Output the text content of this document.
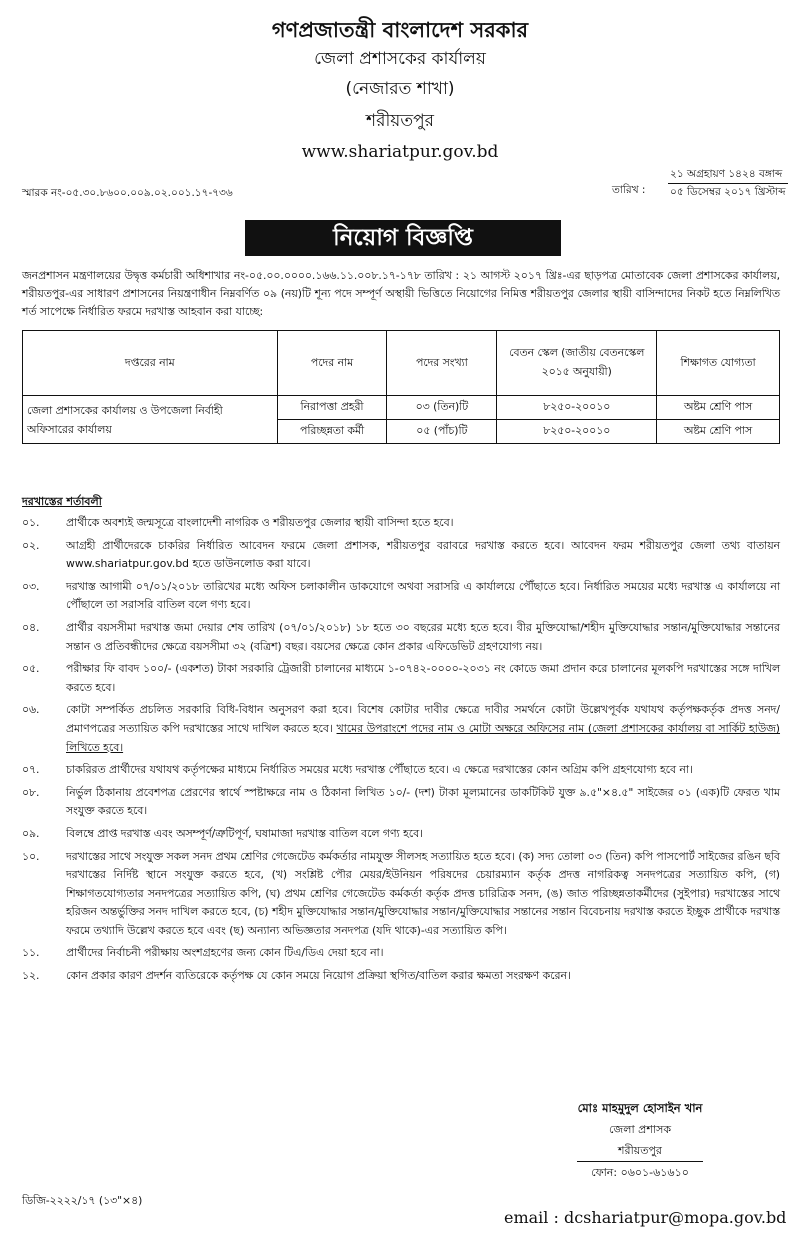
গণপ্রজাতন্ত্রী বাংলাদেশ সরকার
জেলা প্রশাসকের কার্যালয়
(নেজারত শাখা)
শরীয়তপুর
www.shariatpur.gov.bd
স্মারক নং-০৫.৩০.৮৬০০.০০৯.০২.০০১.১৭-৭৩৬	তারিখ :
২১ অগ্রহায়ণ ১৪২৪ বঙ্গাব্দ
০৫ ডিসেম্বর ২০১৭ খ্রিস্টাব্দ
নিয়োগ বিজ্ঞপ্তি
জনপ্রশাসন মন্ত্রণালয়ের উদ্বৃত্ত কর্মচারী অধিশাখার নং-০৫.০০.০০০০.১৬৬.১১.০০৮.১৭-১৭৮ তারিখ : ২১ আগস্ট ২০১৭ খ্রিঃ-এর ছাড়পত্র মোতাবেক জেলা প্রশাসকের কার্যালয়, শরীয়তপুর-এর সাধারণ প্রশাসনের নিয়ন্ত্রণাধীন নিম্নবর্ণিত ০৯ (নয়)টি শূন্য পদে সম্পূর্ণ অস্থায়ী ভিত্তিতে নিয়োগের নিমিত্ত শরীয়তপুর জেলার স্থায়ী বাসিন্দাদের নিকট হতে নিম্নলিখিত শর্ত সাপেক্ষে নির্ধারিত ফরমে দরখাস্ত আহবান করা যাচ্ছে:
দপ্তরের নাম	পদের নাম	পদের সংখ্যা	বেতন স্কেল (জাতীয় বেতনস্কেল ২০১৫ অনুযায়ী)	শিক্ষাগত যোগ্যতা
জেলা প্রশাসকের কার্যালয় ও উপজেলা নির্বাহী অফিসারের কার্যালয়	নিরাপত্তা প্রহরী	০৩ (তিন)টি	৮২৫০-২০০১০	অষ্টম শ্রেণি পাস
	পরিচ্ছন্নতা কর্মী	০৫ (পাঁচ)টি	৮২৫০-২০০১০	অষ্টম শ্রেণি পাস
দরখাস্তের শর্তাবলী
০১.	প্রার্থীকে অবশ্যই জন্মসূত্রে বাংলাদেশী নাগরিক ও শরীয়তপুর জেলার স্থায়ী বাসিন্দা হতে হবে।
০২.	আগ্রহী প্রার্থীদেরকে চাকরির নির্ধারিত আবেদন ফরমে জেলা প্রশাসক, শরীয়তপুর বরাবরে দরখাস্ত করতে হবে। আবেদন ফরম শরীয়তপুর জেলা তথ্য বাতায়ন www.shariatpur.gov.bd হতে ডাউনলোড করা যাবে।
০৩.	দরখাস্ত আগামী ০৭/০১/২০১৮ তারিখের মধ্যে অফিস চলাকালীন ডাকযোগে অথবা সরাসরি এ কার্যালয়ে পৌঁছাতে হবে। নির্ধারিত সময়ের মধ্যে দরখাস্ত এ কার্যালয়ে না পৌঁছালে তা সরাসরি বাতিল বলে গণ্য হবে।
০৪.	প্রার্থীর বয়সসীমা দরখাস্ত জমা দেয়ার শেষ তারিখ (০৭/০১/২০১৮) ১৮ হতে ৩০ বছরের মধ্যে হতে হবে। বীর মুক্তিযোদ্ধা/শহীদ মুক্তিযোদ্ধার সন্তান/মুক্তিযোদ্ধার সন্তানের সন্তান ও প্রতিবন্ধীদের ক্ষেত্রে বয়সসীমা ৩২ (বত্রিশ) বছর। বয়সের ক্ষেত্রে কোন প্রকার এফিডেভিট গ্রহণযোগ্য নয়।
০৫.	পরীক্ষার ফি বাবদ ১০০/- (একশত) টাকা সরকারি ট্রেজারী চালানের মাধ্যমে ১-০৭৪২-০০০০-২০৩১ নং কোডে জমা প্রদান করে চালানের মূলকপি দরখাস্তের সঙ্গে দাখিল করতে হবে।
০৬.	কোটা সম্পর্কিত প্রচলিত সরকারি বিধি-বিধান অনুসরণ করা হবে। বিশেষ কোটার দাবীর ক্ষেত্রে দাবীর সমর্থনে কোটা উল্লেখপূর্বক যথাযথ কর্তৃপক্ষকর্তৃক প্রদত্ত সনদ/প্রমাণপত্রের সত্যায়িত কপি দরখাস্তের সাথে দাখিল করতে হবে। খামের উপরাংশে পদের নাম ও মোটা অক্ষরে অফিসের নাম (জেলা প্রশাসকের কার্যালয় বা সার্কিট হাউজ) লিখিতে হবে।
০৭.	চাকরিরত প্রার্থীদের যথাযথ কর্তৃপক্ষের মাধ্যমে নির্ধারিত সময়ের মধ্যে দরখাস্ত পৌঁছাতে হবে। এ ক্ষেত্রে দরখাস্তের কোন অগ্রিম কপি গ্রহণযোগ্য হবে না।
০৮.	নির্ভুল ঠিকানায় প্রবেশপত্র প্রেরণের স্বার্থে স্পষ্টাক্ষরে নাম ও ঠিকানা লিখিত ১০/- (দশ) টাকা মূল্যমানের ডাকটিকিট যুক্ত ৯.৫"×৪.৫" সাইজের ০১ (এক)টি ফেরত খাম সংযুক্ত করতে হবে।
০৯.	বিলম্বে প্রাপ্ত দরখাস্ত এবং অসম্পূর্ণ/ত্রুটিপূর্ণ, ঘষামাজা দরখাস্ত বাতিল বলে গণ্য হবে।
১০.	দরখাস্তের সাথে সংযুক্ত সকল সনদ প্রথম শ্রেণির গেজেটেড কর্মকর্তার নামযুক্ত সীলসহ সত্যায়িত হতে হবে। (ক) সদ্য তোলা ০৩ (তিন) কপি পাসপোর্ট সাইজের রঙিন ছবি দরখাস্তের নির্দিষ্ট স্থানে সংযুক্ত করতে হবে, (খ) সংশ্লিষ্ট পৌর মেয়র/ইউনিয়ন পরিষদের চেয়ারম্যান কর্তৃক প্রদত্ত নাগরিকত্ব সনদপত্রের সত্যায়িত কপি, (গ) শিক্ষাগতযোগ্যতার সনদপত্রের সত্যায়িত কপি, (ঘ) প্রথম শ্রেণির গেজেটেড কর্মকর্তা কর্তৃক প্রদত্ত চারিত্রিক সনদ, (ঙ) জাত পরিচ্ছন্নতাকর্মীদের (সুইপার) দরখাস্তের সাথে হরিজন অন্তর্ভুক্তির সনদ দাখিল করতে হবে, (চ) শহীদ মুক্তিযোদ্ধার সন্তান/মুক্তিযোদ্ধার সন্তান/মুক্তিযোদ্ধার সন্তানের সন্তান বিবেচনায় দরখাস্ত করতে ইচ্ছুক প্রার্থীকে দরখাস্ত ফরমে তথ্যাদি উল্লেখ করতে হবে এবং (ছ) অন্যান্য অভিজ্ঞতার সনদপত্র (যদি থাকে)-এর সত্যায়িত কপি।
১১.	প্রার্থীদের নির্বাচনী পরীক্ষায় অংশগ্রহণের জন্য কোন টিএ/ডিএ দেয়া হবে না।
১২.	কোন প্রকার কারণ প্রদর্শন ব্যতিরেকে কর্তৃপক্ষ যে কোন সময়ে নিয়োগ প্রক্রিয়া স্থগিত/বাতিল করার ক্ষমতা সংরক্ষণ করেন।
মোঃ মাহমুদুল হোসাইন খান
জেলা প্রশাসক
শরীয়তপুর
ফোন: ০৬০১-৬১৬১০
ডিজি-২২২২/১৭ (১৩"×৪)
email : dcshariatpur@mopa.gov.bd
